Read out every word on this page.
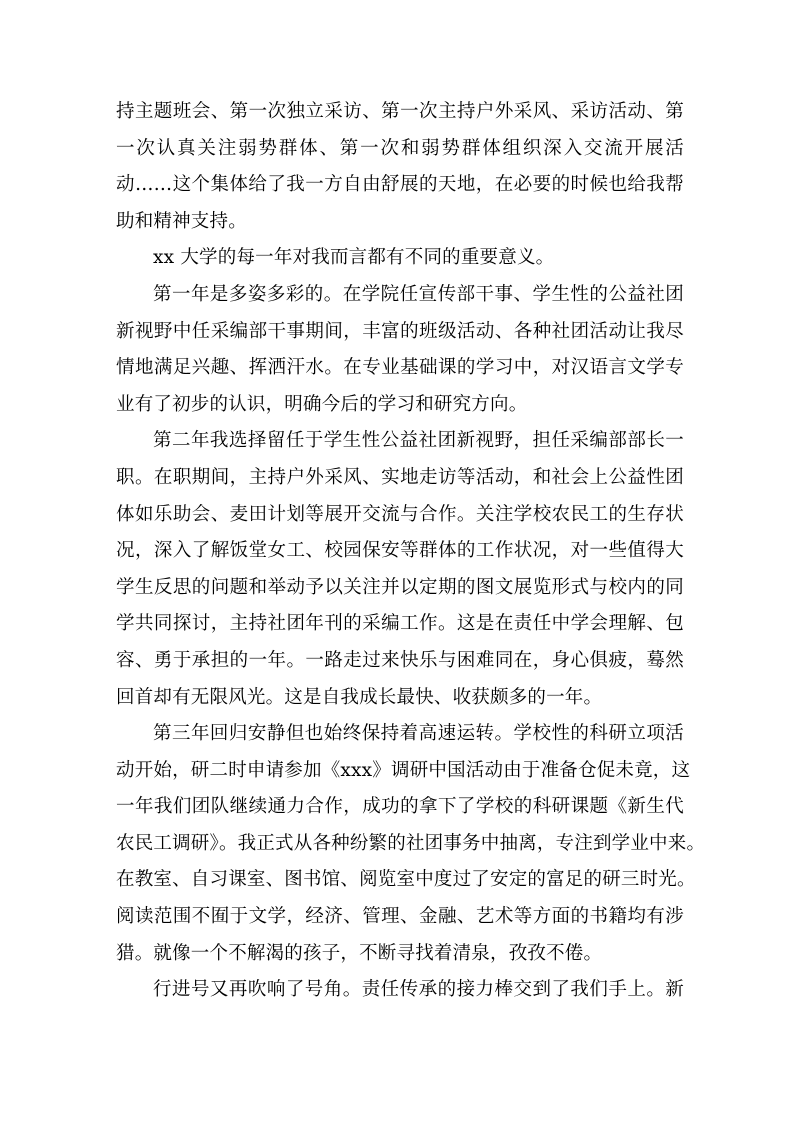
持主题班会、第一次独立采访、第一次主持户外采风、采访活动、第
一次认真关注弱势群体、第一次和弱势群体组织深入交流开展活
动……这个集体给了我一方自由舒展的天地，在必要的时候也给我帮
助和精神支持。

xx 大学的每一年对我而言都有不同的重要意义。

第一年是多姿多彩的。在学院任宣传部干事、学生性的公益社团
新视野中任采编部干事期间，丰富的班级活动、各种社团活动让我尽
情地满足兴趣、挥洒汗水。在专业基础课的学习中，对汉语言文学专
业有了初步的认识，明确今后的学习和研究方向。

第二年我选择留任于学生性公益社团新视野，担任采编部部长一
职。在职期间，主持户外采风、实地走访等活动，和社会上公益性团
体如乐助会、麦田计划等展开交流与合作。关注学校农民工的生存状
况，深入了解饭堂女工、校园保安等群体的工作状况，对一些值得大
学生反思的问题和举动予以关注并以定期的图文展览形式与校内的同
学共同探讨，主持社团年刊的采编工作。这是在责任中学会理解、包
容、勇于承担的一年。一路走过来快乐与困难同在，身心俱疲，蓦然
回首却有无限风光。这是自我成长最快、收获颇多的一年。

第三年回归安静但也始终保持着高速运转。学校性的科研立项活
动开始，研二时申请参加《xxx》调研中国活动由于准备仓促未竟，这
一年我们团队继续通力合作，成功的拿下了学校的科研课题《新生代
农民工调研》。我正式从各种纷繁的社团事务中抽离，专注到学业中来。
在教室、自习课室、图书馆、阅览室中度过了安定的富足的研三时光。
阅读范围不囿于文学，经济、管理、金融、艺术等方面的书籍均有涉
猎。就像一个不解渴的孩子，不断寻找着清泉，孜孜不倦。

行进号又再吹响了号角。责任传承的接力棒交到了我们手上。新
